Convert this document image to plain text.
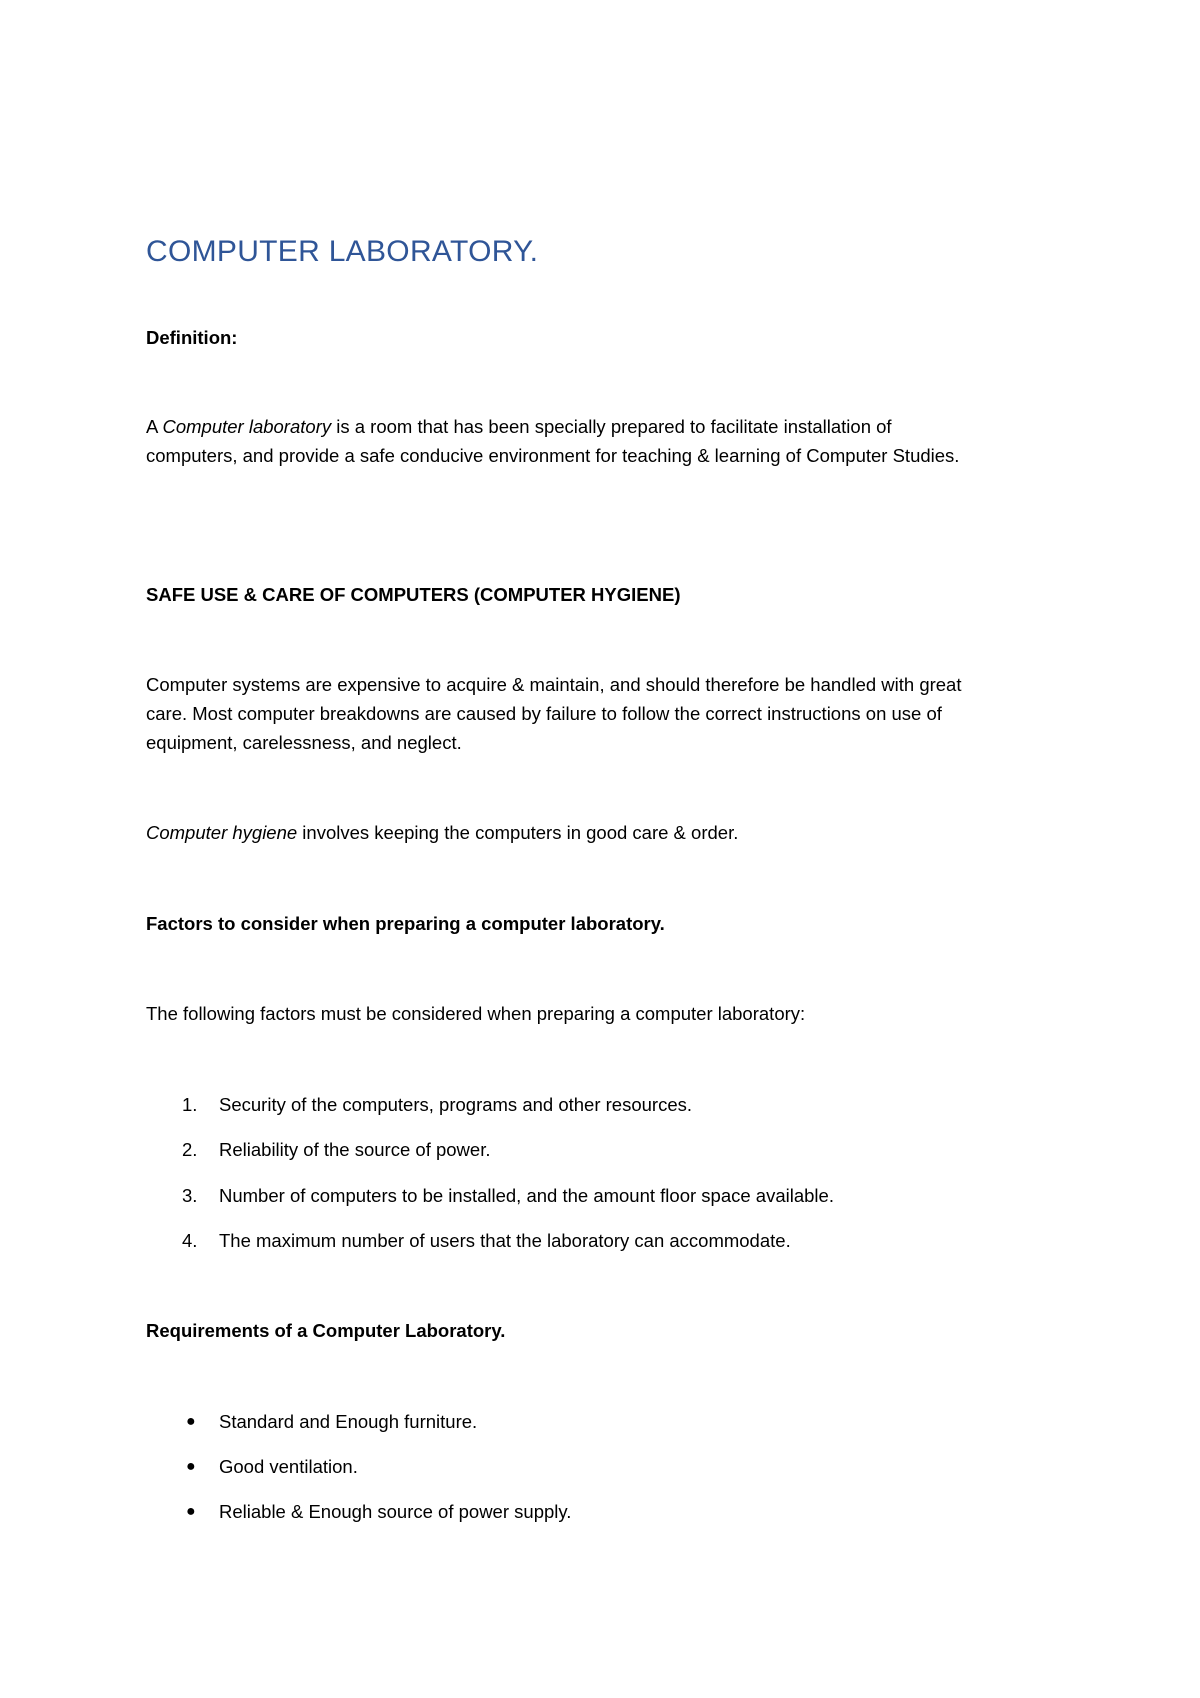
COMPUTER LABORATORY.
Definition:
A Computer laboratory is a room that has been specially prepared to facilitate installation of
computers, and provide a safe conducive environment for teaching & learning of Computer Studies.
SAFE USE & CARE OF COMPUTERS (COMPUTER HYGIENE)
Computer systems are expensive to acquire & maintain, and should therefore be handled with great
care. Most computer breakdowns are caused by failure to follow the correct instructions on use of
equipment, carelessness, and neglect.
Computer hygiene involves keeping the computers in good care & order.
Factors to consider when preparing a computer laboratory.
The following factors must be considered when preparing a computer laboratory:
1. Security of the computers, programs and other resources.
2. Reliability of the source of power.
3. Number of computers to be installed, and the amount floor space available.
4. The maximum number of users that the laboratory can accommodate.
Requirements of a Computer Laboratory.
● Standard and Enough furniture.
● Good ventilation.
● Reliable & Enough source of power supply.
